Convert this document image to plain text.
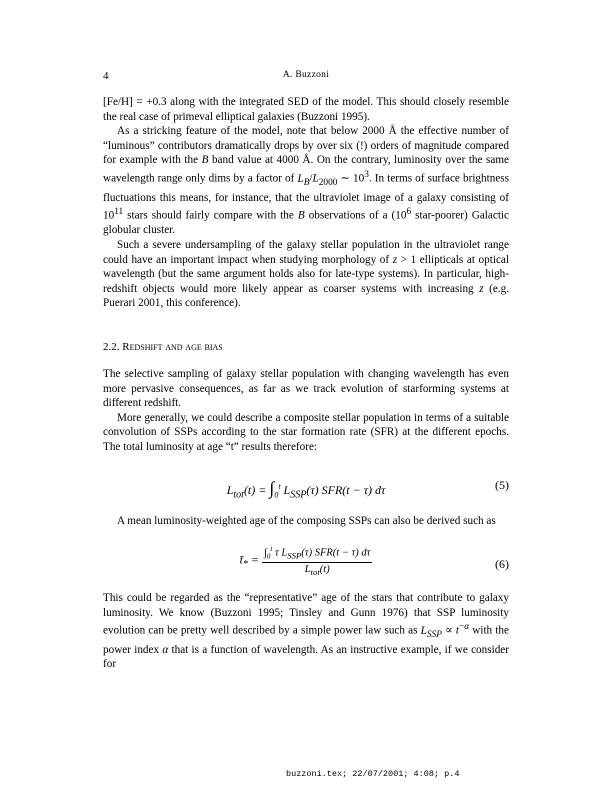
4	A. Buzzoni

[Fe/H] = +0.3 along with the integrated SED of the model. This should closely resemble the real case of primeval elliptical galaxies (Buzzoni 1995).

As a stricking feature of the model, note that below 2000 Å the effective number of “luminous” contributors dramatically drops by over six (!) orders of magnitude compared for example with the B band value at 4000 Å. On the contrary, luminosity over the same wavelength range only dims by a factor of $L_B/L_{2000}$ ∼ $10^3$. In terms of surface brightness fluctuations this means, for instance, that the ultraviolet image of a galaxy consisting of $10^{11}$ stars should fairly compare with the B observations of a ($10^6$ star-poorer) Galactic globular cluster.

Such a severe undersampling of the galaxy stellar population in the ultraviolet range could have an important impact when studying morphology of z > 1 ellipticals at optical wavelength (but the same argument holds also for late-type systems). In particular, high-redshift objects would more likely appear as coarser systems with increasing z (e.g. Puerari 2001, this conference).

2.2. Redshift and age bias

The selective sampling of galaxy stellar population with changing wavelength has even more pervasive consequences, as far as we track evolution of starforming systems at different redshift.

More generally, we could describe a composite stellar population in terms of a suitable convolution of SSPs according to the star formation rate (SFR) at the different epochs. The total luminosity at age “t” results therefore:

$L_{tot}(t) = \int_0^t$ $L_{SSP}(\tau) SFR(t - \tau)$ dτ	(5)

A mean luminosity-weighted age of the composing SSPs can also be derived such as

$t̄_* = \frac{\int_0^t \tau L_{SSP}(\tau) SFR(t - \tau) d\tau}{L_{tot}(t)}$	(6)

This could be regarded as the “representative” age of the stars that contribute to galaxy luminosity. We know (Buzzoni 1995; Tinsley and Gunn 1976) that SSP luminosity evolution can be pretty well described by a simple power law such as $L_{SSP} \propto t^{-\alpha}$ with the power index α that is a function of wavelength. As an instructive example, if we consider for

buzzoni.tex; 22/07/2001; 4:08; p.4
